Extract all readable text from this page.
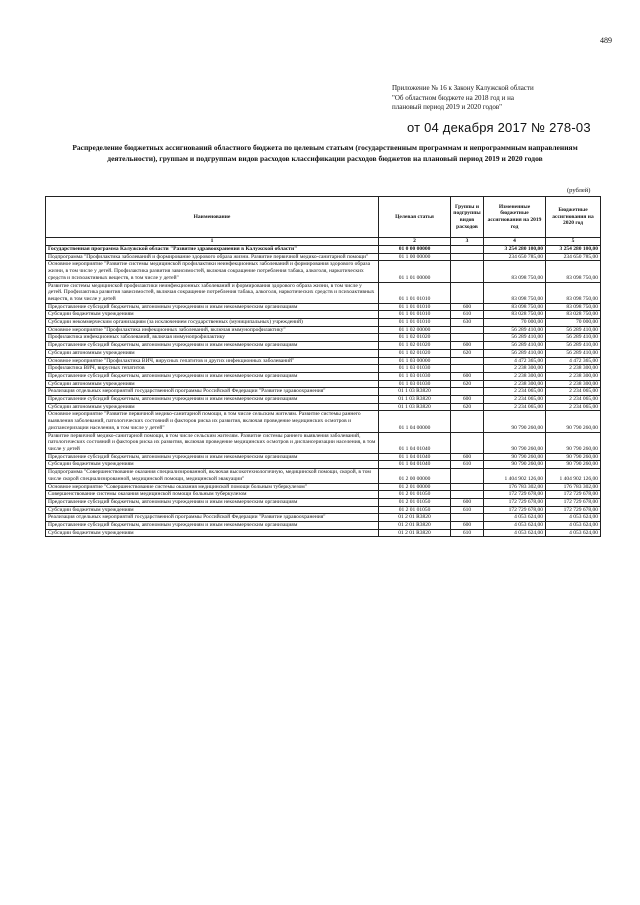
489
Приложение № 16 к Закону Калужской области
"Об областном бюджете на 2018 год и на
плановый период 2019 и 2020 годов"
от 04 декабря 2017 № 278-03
Распределение бюджетных ассигнований областного бюджета по целевым статьям (государственным программам и непрограммным направлениям деятельности), группам и подгруппам видов расходов классификации расходов бюджетов на плановый период 2019 и 2020 годов
(рублей)
Наименование	Целевая статья	Группы и подгруппы видов расходов	Измененные бюджетные ассигнования на 2019 год	Бюджетные ассигнования на 2020 год
1	2	3	4	5
Государственная программа Калужской области "Развитие здравоохранения в Калужской области"	01 0 00 00000		3 254 280 100,00	3 254 280 100,00
Подпрограмма "Профилактика заболеваний и формирование здорового образа жизни. Развитие первичной медико-санитарной помощи"	01 1 00 00000		234 650 785,00	234 650 785,00
Основное мероприятие "Развитие системы медицинской профилактики неинфекционных заболеваний и формирования здорового образа жизни, в том числе у детей. Профилактика развития зависимостей, включая сокращение потребления табака, алкоголя, наркотических средств и психоактивных веществ, в том числе у детей"	01 1 01 00000		83 098 750,00	83 098 750,00
Развитие системы медицинской профилактики неинфекционных заболеваний и формирования здорового образа жизни, в том числе у детей. Профилактика развития зависимостей, включая сокращение потребления табака, алкоголя, наркотических средств и психоактивных веществ, в том числе у детей	01 1 01 01010		83 098 750,00	83 098 750,00
Предоставление субсидий бюджетным, автономным учреждениям и иным некоммерческим организациям	01 1 01 01010	600	83 098 750,00	83 098 750,00
Субсидии бюджетным учреждениям	01 1 01 01010	610	83 028 750,00	83 028 750,00
Субсидии некоммерческим организациям (за исключением государственных (муниципальных) учреждений)	01 1 01 01010	630	70 000,00	70 000,00
Основное мероприятие "Профилактика инфекционных заболеваний, включая иммунопрофилактику"	01 1 02 00000		56 289 410,00	56 289 410,00
Профилактика инфекционных заболеваний, включая иммунопрофилактику	01 1 02 01020		56 289 410,00	56 289 410,00
Предоставление субсидий бюджетным, автономным учреждениям и иным некоммерческим организациям	01 1 02 01020	600	56 289 410,00	56 289 410,00
Субсидии автономным учреждениям	01 1 02 01020	620	56 289 410,00	56 289 410,00
Основное мероприятие "Профилактика ВИЧ, вирусных гепатитов и других инфекционных заболеваний"	01 1 03 00000		4 472 365,00	4 472 365,00
Профилактика ВИЧ, вирусных гепатитов	01 1 03 01030		2 238 300,00	2 238 300,00
Предоставление субсидий бюджетным, автономным учреждениям и иным некоммерческим организациям	01 1 03 01030	600	2 238 300,00	2 238 300,00
Субсидии автономным учреждениям	01 1 03 01030	620	2 238 300,00	2 238 300,00
Реализация отдельных мероприятий государственной программы Российской Федерации "Развитие здравоохранения"	01 1 03 R3820		2 234 065,00	2 234 065,00
Предоставление субсидий бюджетным, автономным учреждениям и иным некоммерческим организациям	01 1 03 R3820	600	2 234 065,00	2 234 065,00
Субсидии автономным учреждениям	01 1 03 R3820	620	2 234 065,00	2 234 065,00
Основное мероприятие "Развитие первичной медико-санитарной помощи, в том числе сельским жителям. Развитие системы раннего выявления заболеваний, патологических состояний и факторов риска их развития, включая проведение медицинских осмотров и диспансеризации населения, в том числе у детей"	01 1 04 00000		90 790 260,00	90 790 260,00
Развитие первичной медико-санитарной помощи, в том числе сельским жителям. Развитие системы раннего выявления заболеваний, патологических состояний и факторов риска их развития, включая проведение медицинских осмотров и диспансеризации населения, в том числе у детей	01 1 04 01040		90 790 260,00	90 790 260,00
Предоставление субсидий бюджетным, автономным учреждениям и иным некоммерческим организациям	01 1 04 01040	600	90 790 260,00	90 790 260,00
Субсидии бюджетным учреждениям	01 1 04 01040	610	90 790 260,00	90 790 260,00
Подпрограмма "Совершенствование оказания специализированной, включая высокотехнологичную, медицинской помощи, скорой, в том числе скорой специализированной, медицинской помощи, медицинской эвакуации"	01 2 00 00000		1 404 902 126,00	1 404 902 126,00
Основное мероприятие "Совершенствование системы оказания медицинской помощи больным туберкулезом"	01 2 01 00000		176 783 302,00	176 783 302,00
Совершенствование системы оказания медицинской помощи больным туберкулезом	01 2 01 01050		172 729 678,00	172 729 678,00
Предоставление субсидий бюджетным, автономным учреждениям и иным некоммерческим организациям	01 2 01 01050	600	172 729 678,00	172 729 678,00
Субсидии бюджетным учреждениям	01 2 01 01050	610	172 729 678,00	172 729 678,00
Реализация отдельных мероприятий государственной программы Российской Федерации "Развитие здравоохранения"	01 2 01 R3820		4 053 624,00	4 053 624,00
Предоставление субсидий бюджетным, автономным учреждениям и иным некоммерческим организациям	01 2 01 R3820	600	4 053 624,00	4 053 624,00
Субсидии бюджетным учреждениям	01 2 01 R3820	610	4 053 624,00	4 053 624,00
